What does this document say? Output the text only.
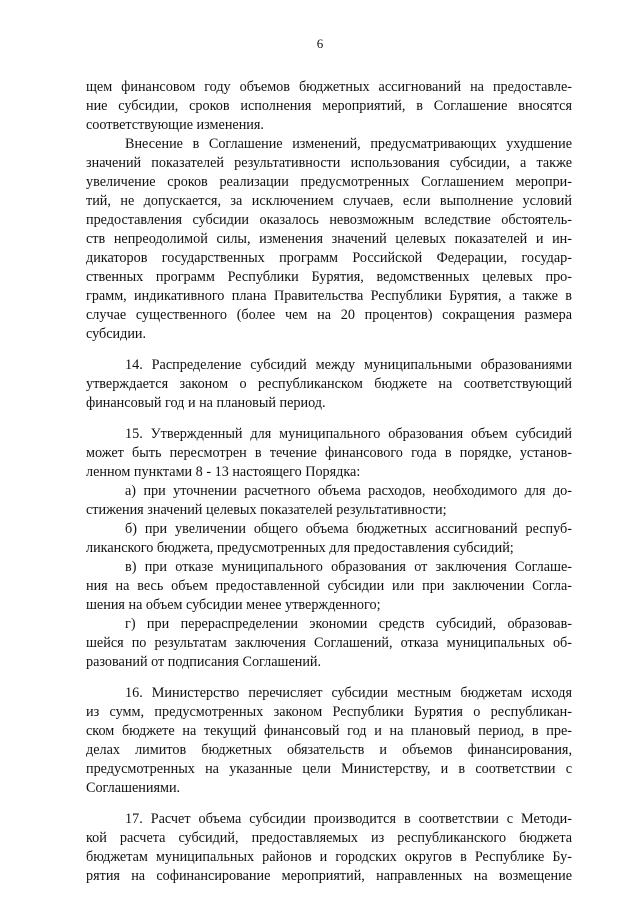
6
щем финансовом году объемов бюджетных ассигнований на предоставле-
ние субсидии, сроков исполнения мероприятий, в Соглашение вносятся
соответствующие изменения.
Внесение в Соглашение изменений, предусматривающих ухудшение
значений показателей результативности использования субсидии, а также
увеличение сроков реализации предусмотренных Соглашением меропри-
тий, не допускается, за исключением случаев, если выполнение условий
предоставления субсидии оказалось невозможным вследствие обстоятель-
ств непреодолимой силы, изменения значений целевых показателей и ин-
дикаторов государственных программ Российской Федерации, государ-
ственных программ Республики Бурятия, ведомственных целевых про-
грамм, индикативного плана Правительства Республики Бурятия, а также в
случае существенного (более чем на 20 процентов) сокращения размера
субсидии.
14. Распределение субсидий между муниципальными образованиями
утверждается законом о республиканском бюджете на соответствующий
финансовый год и на плановый период.
15. Утвержденный для муниципального образования объем субсидий
может быть пересмотрен в течение финансового года в порядке, установ-
ленном пунктами 8 - 13 настоящего Порядка:
а) при уточнении расчетного объема расходов, необходимого для до-
стижения значений целевых показателей результативности;
б) при увеличении общего объема бюджетных ассигнований респуб-
ликанского бюджета, предусмотренных для предоставления субсидий;
в) при отказе муниципального образования от заключения Соглаше-
ния на весь объем предоставленной субсидии или при заключении Согла-
шения на объем субсидии менее утвержденного;
г) при перераспределении экономии средств субсидий, образовав-
шейся по результатам заключения Соглашений, отказа муниципальных об-
разований от подписания Соглашений.
16. Министерство перечисляет субсидии местным бюджетам исходя
из сумм, предусмотренных законом Республики Бурятия о республикан-
ском бюджете на текущий финансовый год и на плановый период, в пре-
делах лимитов бюджетных обязательств и объемов финансирования,
предусмотренных на указанные цели Министерству, и в соответствии с
Соглашениями.
17. Расчет объема субсидии производится в соответствии с Методи-
кой расчета субсидий, предоставляемых из республиканского бюджета
бюджетам муниципальных районов и городских округов в Республике Бу-
рятия на софинансирование мероприятий, направленных на возмещение
